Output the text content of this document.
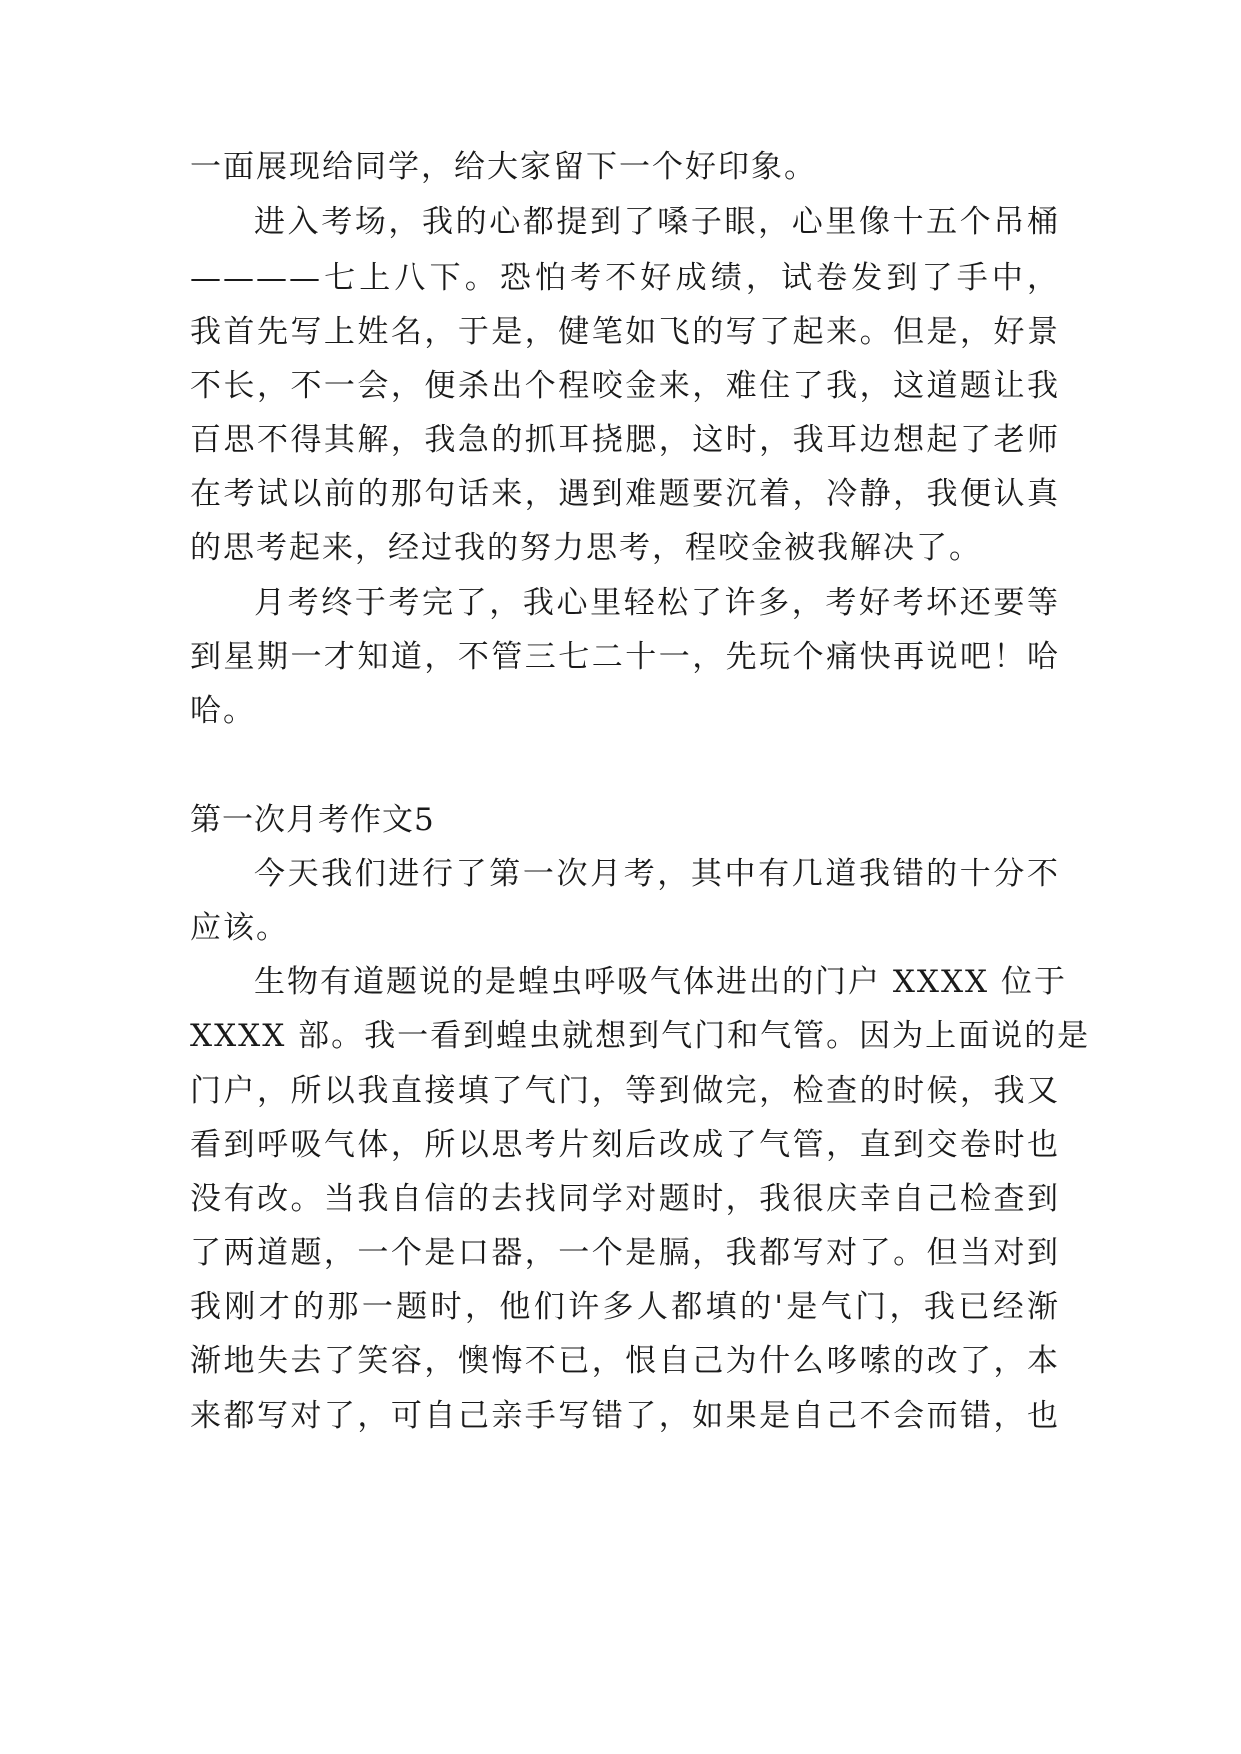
一面展现给同学，给大家留下一个好印象。
进入考场，我的心都提到了嗓子眼，心里像十五个吊桶
————七上八下。恐怕考不好成绩，试卷发到了手中，
我首先写上姓名，于是，健笔如飞的写了起来。但是，好景
不长，不一会，便杀出个程咬金来，难住了我，这道题让我
百思不得其解，我急的抓耳挠腮，这时，我耳边想起了老师
在考试以前的那句话来，遇到难题要沉着，冷静，我便认真
的思考起来，经过我的努力思考，程咬金被我解决了。
月考终于考完了，我心里轻松了许多，考好考坏还要等
到星期一才知道，不管三七二十一，先玩个痛快再说吧！哈
哈。
第一次月考作文5
今天我们进行了第一次月考，其中有几道我错的十分不
应该。
生物有道题说的是蝗虫呼吸气体进出的门户 XXXX 位于
XXXX 部。我一看到蝗虫就想到气门和气管。因为上面说的是
门户，所以我直接填了气门，等到做完，检查的时候，我又
看到呼吸气体，所以思考片刻后改成了气管，直到交卷时也
没有改。当我自信的去找同学对题时，我很庆幸自己检查到
了两道题，一个是口器，一个是膈，我都写对了。但当对到
我刚才的那一题时，他们许多人都填的'是气门，我已经渐
渐地失去了笑容，懊悔不已，恨自己为什么哆嗦的改了，本
来都写对了，可自己亲手写错了，如果是自己不会而错，也
